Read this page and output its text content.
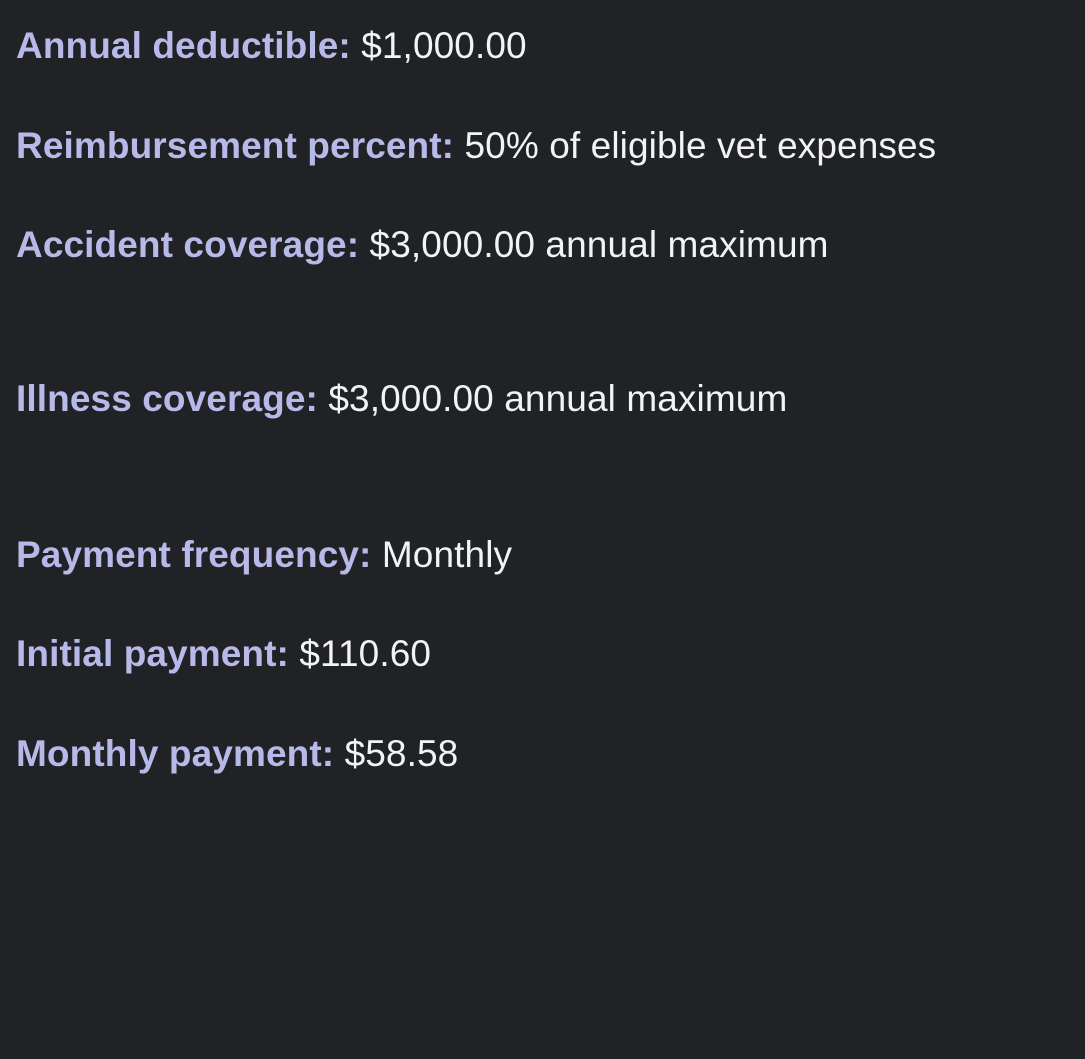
Annual deductible: $1,000.00
Reimbursement percent: 50% of eligible vet expenses
Accident coverage: $3,000.00 annual maximum
Illness coverage: $3,000.00 annual maximum
Payment frequency: Monthly
Initial payment: $110.60
Monthly payment: $58.58
